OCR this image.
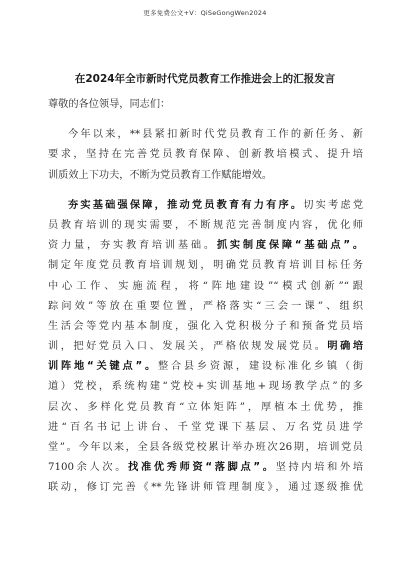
更多免费公文+V：QiSeGongWen2024
在2024年全市新时代党员教育工作推进会上的汇报发言
尊敬的各位领导，同志们：
今年以来，**县紧扣新时代党员教育工作的新任务、新
要求，坚持在完善党员教育保障、创新教培模式、提升培
训质效上下功夫，不断为党员教育工作赋能增效。
夯实基础强保障，推动党员教育有力有序。切实考虑党
员教育培训的现实需要，不断规范完善制度内容，优化师
资力量，夯实教育培训基础。抓实制度保障“基础点”。
制定年度党员教育培训规划，明确党员教育培训目标任务
中心工作、实施流程，将“阵地建设”“模式创新”“跟
踪问效”等放在重要位置，严格落实“三会一课”、组织
生活会等党内基本制度，强化入党积极分子和预备党员培
训，把好党员入口、发展关，严格依规发展党员。明确培
训阵地“关键点”。整合县乡资源，建设标准化乡镇（街
道）党校，系统构建“党校+实训基地+现场教学点”的多
层次、多样化党员教育“立体矩阵”，厚植本土优势，推
进“百名书记上讲台、千堂党课下基层、万名党员进学
堂”。今年以来，全县各级党校累计举办班次26期，培训党员
7100余人次。找准优秀师资“落脚点”。坚持内培和外培
联动，修订完善《**先锋讲师管理制度》，通过逐级推优
